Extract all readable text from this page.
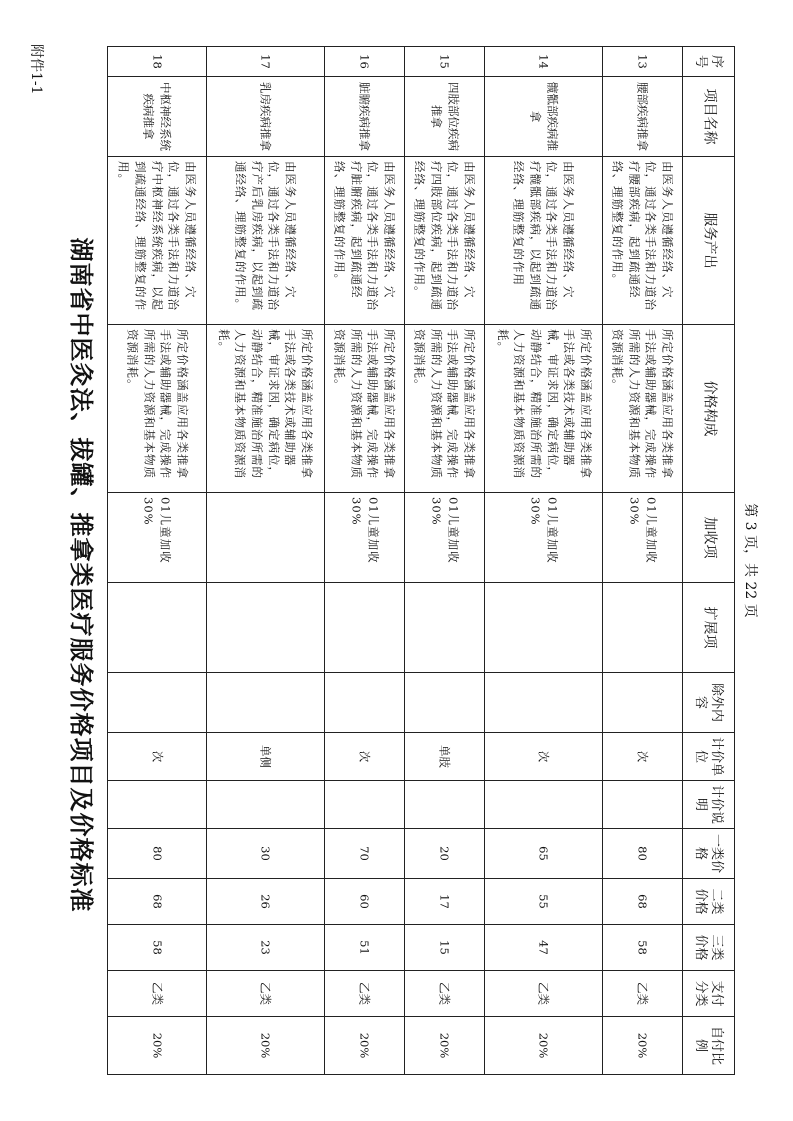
第 3 页，共 22 页
18	中枢神经系统疾病推拿	由医务人员遵循经络、穴位，通过各类手法和力道治疗中枢神经系统疾病，以起到疏通经络、理筋整复的作用。	所定价格涵盖应用各类推拿手法或辅助器械，完成操作所需的人力资源和基本物质资源消耗。	01儿童加收30%			次		80	68	58	乙类	20%

17	乳房疾病推拿	由医务人员遵循经络、穴位，通过各类手法和力道治疗产后乳房疾病，以起到疏通经络、理筋整复的作用。	所定价格涵盖应用各类推拿手法或各类技术或辅助器械，审证求因，确定病位，动静结合，精准施治所需的人力资源和基本物质资源消耗。				单侧		30	26	23	乙类	20%

16	脏腑疾病推拿	由医务人员遵循经络、穴位，通过各类手法和力道治疗脏腑疾病，起到疏通经络、理筋整复的作用。	所定价格涵盖应用各类推拿手法或辅助器械，完成操作所需的人力资源和基本物质资源消耗。	01儿童加收30%			次		70	60	51	乙类	20%

15	四肢部位疾病推拿	由医务人员遵循经络、穴位，通过各类手法和力道治疗四肢部位疾病，起到疏通经络、理筋整复的作用。	所定价格涵盖应用各类推拿手法或辅助器械，完成操作所需的人力资源和基本物质资源消耗。	01儿童加收30%			单肢		20	17	15	乙类	20%

14	髋骶部疾病推拿	由医务人员遵循经络、穴位，通过各类手法和力道治疗髋骶部疾病，以起到疏通经络、理筋整复的作用	所定价格涵盖应用各类推拿手法或各类技术或辅助器械，审证求因，确定病位，动静结合，精准施治所需的人力资源和基本物质资源消耗。	01儿童加收30%			次		65	55	47	乙类	20%

13	腰部疾病推拿	由医务人员遵循经络、穴位，通过各类手法和力道治疗腰部疾病，起到疏通经络、理筋整复的作用。	所定价格涵盖应用各类推拿手法或辅助器械，完成操作所需的人力资源和基本物质资源消耗。	01儿童加收30%			次		80	68	58	乙类	20%

序号	项目名称	服务产出	价格构成	加收项	扩展项	除外内容	计价单位	计价说明	一类价格	二类价格	三类价格	支付分类	自付比例
湖南省中医灸法、拔罐、推拿类医疗服务价格项目及价格标准
附件1-1
